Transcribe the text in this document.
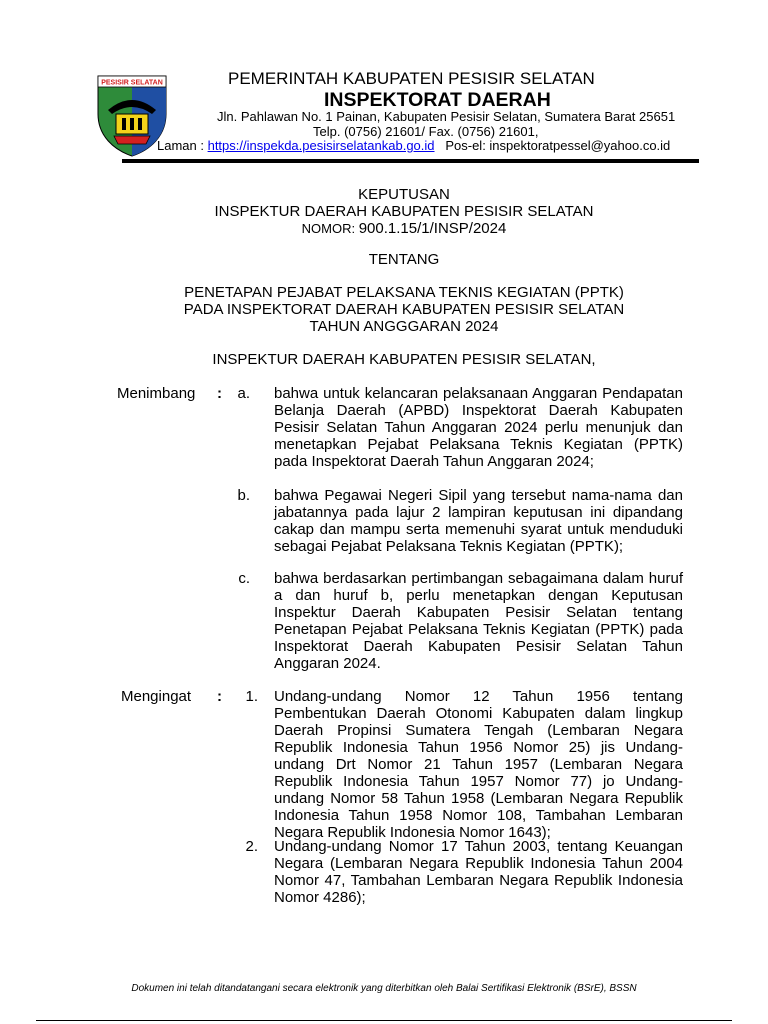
PESISIR SELATAN	PEMERINTAH KABUPATEN PESISIR SELATAN
INSPEKTORAT DAERAH
Jln. Pahlawan No. 1 Painan, Kabupaten Pesisir Selatan, Sumatera Barat 25651
Telp. (0756) 21601/ Fax. (0756) 21601,
Laman : https://inspekda.pesisirselatankab.go.id   Pos-el: inspektoratpessel@yahoo.co.id
KEPUTUSAN
INSPEKTUR DAERAH KABUPATEN PESISIR SELATAN
NOMOR: 900.1.15/1/INSP/2024
TENTANG
PENETAPAN PEJABAT PELAKSANA TEKNIS KEGIATAN (PPTK)
PADA INSPEKTORAT DAERAH KABUPATEN PESISIR SELATAN
TAHUN ANGGGARAN 2024
INSPEKTUR DAERAH KABUPATEN PESISIR SELATAN,
Menimbang :	a. bahwa untuk kelancaran pelaksanaan Anggaran Pendapatan Belanja Daerah (APBD) Inspektorat Daerah Kabupaten Pesisir Selatan Tahun Anggaran 2024 perlu menunjuk dan menetapkan Pejabat Pelaksana Teknis Kegiatan (PPTK) pada Inspektorat Daerah Tahun Anggaran 2024;
b. bahwa Pegawai Negeri Sipil yang tersebut nama-nama dan jabatannya pada lajur 2 lampiran keputusan ini dipandang cakap dan mampu serta memenuhi syarat untuk menduduki sebagai Pejabat Pelaksana Teknis Kegiatan (PPTK);
c. bahwa berdasarkan pertimbangan sebagaimana dalam huruf a dan huruf b, perlu menetapkan dengan Keputusan Inspektur Daerah Kabupaten Pesisir Selatan tentang Penetapan Pejabat Pelaksana Teknis Kegiatan (PPTK) pada Inspektorat Daerah Kabupaten Pesisir Selatan Tahun Anggaran 2024.
Mengingat :	1. Undang-undang Nomor 12 Tahun 1956 tentang Pembentukan Daerah Otonomi Kabupaten dalam lingkup Daerah Propinsi Sumatera Tengah (Lembaran Negara Republik Indonesia Tahun 1956 Nomor 25) jis Undang-undang Drt Nomor 21 Tahun 1957 (Lembaran Negara Republik Indonesia Tahun 1957 Nomor 77) jo Undang-undang Nomor 58 Tahun 1958 (Lembaran Negara Republik Indonesia Tahun 1958 Nomor 108, Tambahan Lembaran Negara Republik Indonesia Nomor 1643);
2. Undang-undang Nomor 17 Tahun 2003, tentang Keuangan Negara (Lembaran Negara Republik Indonesia Tahun 2004 Nomor 47, Tambahan Lembaran Negara Republik Indonesia Nomor 4286);
Dokumen ini telah ditandatangani secara elektronik yang diterbitkan oleh Balai Sertifikasi Elektronik (BSrE), BSSN
